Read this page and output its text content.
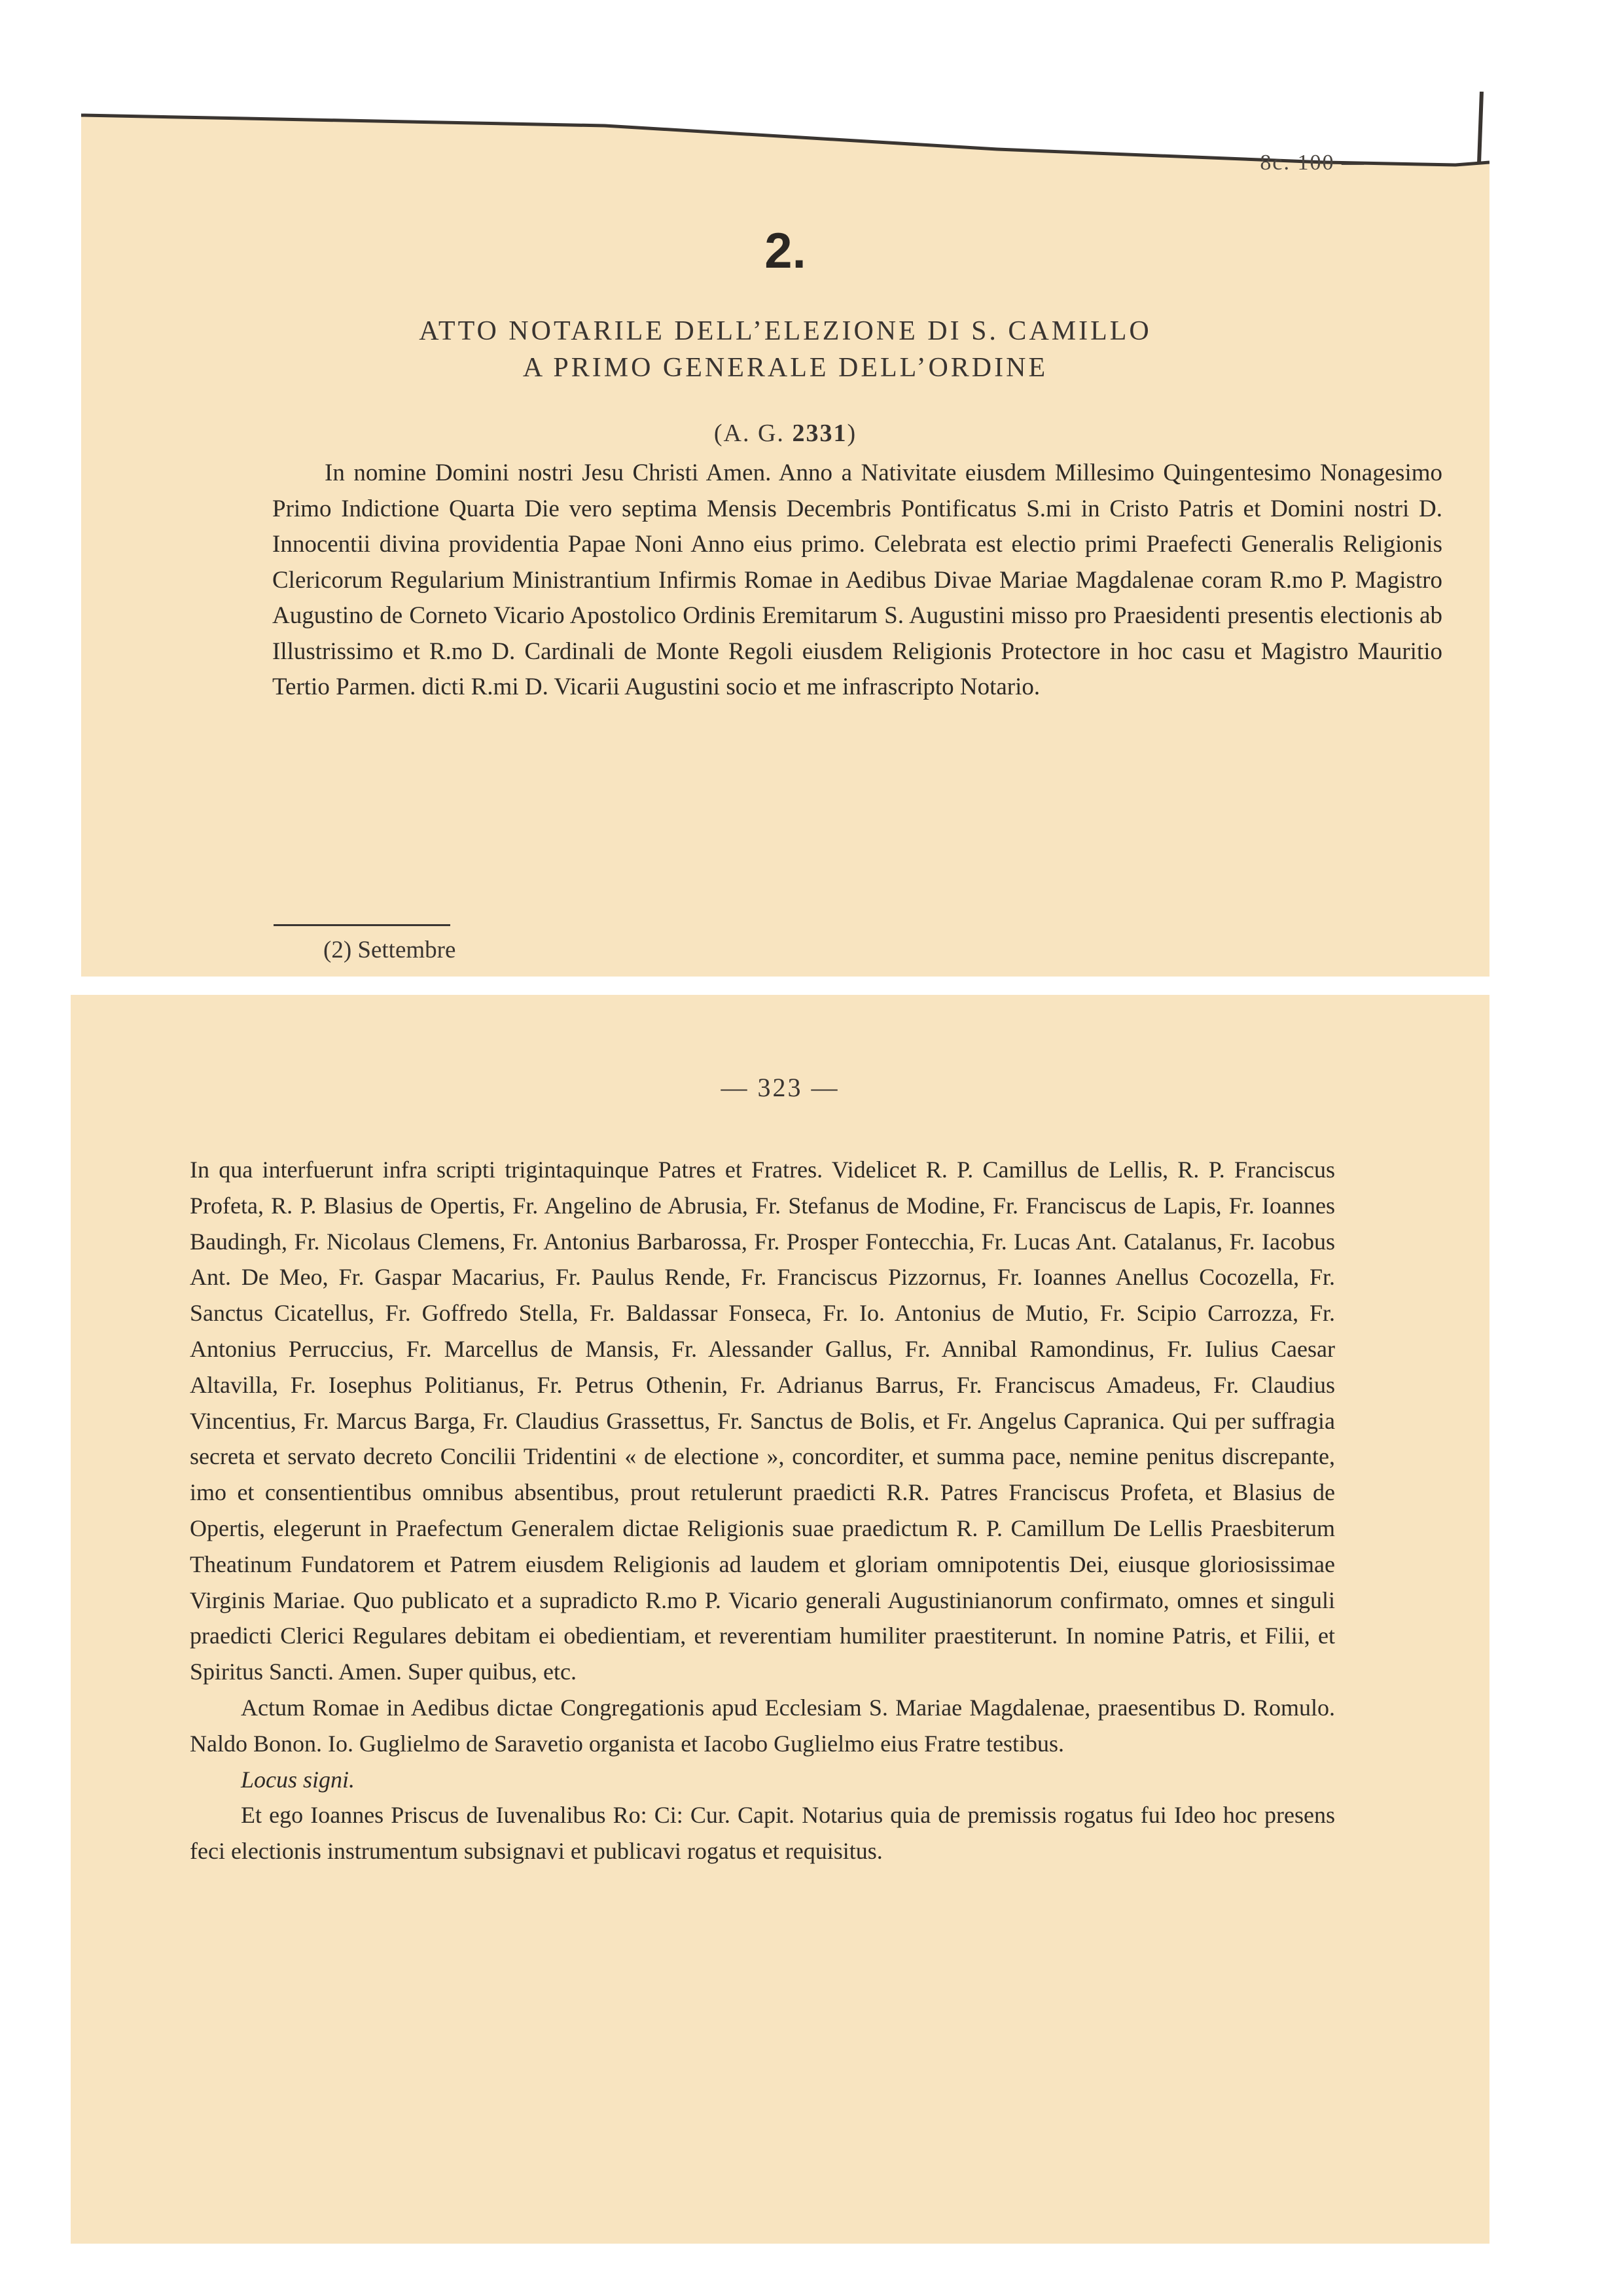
8c. 100 —
2.
ATTO NOTARILE DELL’ELEZIONE DI S. CAMILLO
A PRIMO GENERALE DELL’ORDINE
(A. G. 2331)

In nomine Domini nostri Jesu Christi Amen. Anno a Nativitate eiusdem Millesimo Quingentesimo Nonagesimo Primo Indictione Quarta Die vero septima Mensis Decembris Pontificatus S.mi in Cristo Patris et Domini nostri D. Innocentii divina providentia Papae Noni Anno eius primo. Celebrata est electio primi Praefecti Generalis Religionis Clericorum Regularium Ministrantium Infirmis Romae in Aedibus Divae Mariae Magdalenae coram R.mo P. Magistro Augustino de Corneto Vicario Apostolico Ordinis Eremitarum S. Augustini misso pro Praesidenti presentis electionis ab Illustrissimo et R.mo D. Cardinali de Monte Regoli eiusdem Religionis Protectore in hoc casu et Magistro Mauritio Tertio Parmen. dicti R.mi D. Vicarii Augustini socio et me infrascripto Notario.

(2) Settembre
— 323 —

In qua interfuerunt infra scripti trigintaquinque Patres et Fratres. Videlicet R. P. Camillus de Lellis, R. P. Franciscus Profeta, R. P. Blasius de Opertis, Fr. Angelino de Abrusia, Fr. Stefanus de Modine, Fr. Franciscus de Lapis, Fr. Ioannes Baudingh, Fr. Nicolaus Clemens, Fr. Antonius Barbarossa, Fr. Prosper Fontecchia, Fr. Lucas Ant. Catalanus, Fr. Iacobus Ant. De Meo, Fr. Gaspar Macarius, Fr. Paulus Rende, Fr. Franciscus Pizzornus, Fr. Ioannes Anellus Cocozella, Fr. Sanctus Cicatellus, Fr. Goffredo Stella, Fr. Baldassar Fonseca, Fr. Io. Antonius de Mutio, Fr. Scipio Carrozza, Fr. Antonius Perruccius, Fr. Marcellus de Mansis, Fr. Alessander Gallus, Fr. Annibal Ramondinus, Fr. Iulius Caesar Altavilla, Fr. Iosephus Politianus, Fr. Petrus Othenin, Fr. Adrianus Barrus, Fr. Franciscus Amadeus, Fr. Claudius Vincentius, Fr. Marcus Barga, Fr. Claudius Grassettus, Fr. Sanctus de Bolis, et Fr. Angelus Capranica. Qui per suffragia secreta et servato decreto Concilii Tridentini « de electione », concorditer, et summa pace, nemine penitus discrepante, imo et consentientibus omnibus absentibus, prout retulerunt praedicti R.R. Patres Franciscus Profeta, et Blasius de Opertis, elegerunt in Praefectum Generalem dictae Religionis suae praedictum R. P. Camillum De Lellis Praesbiterum Theatinum Fundatorem et Patrem eiusdem Religionis ad laudem et gloriam omnipotentis Dei, eiusque gloriosissimae Virginis Mariae. Quo publicato et a supradicto R.mo P. Vicario generali Augustinianorum confirmato, omnes et singuli praedicti Clerici Regulares debitam ei obedientiam, et reverentiam humiliter praestiterunt. In nomine Patris, et Filii, et Spiritus Sancti. Amen. Super quibus, etc.

Actum Romae in Aedibus dictae Congregationis apud Ecclesiam S. Mariae Magdalenae, praesentibus D. Romulo. Naldo Bonon. Io. Guglielmo de Saravetio organista et Iacobo Guglielmo eius Fratre testibus.

Locus signi.

Et ego Ioannes Priscus de Iuvenalibus Ro: Ci: Cur. Capit. Notarius quia de premissis rogatus fui Ideo hoc presens feci electionis instrumentum subsignavi et publicavi rogatus et requisitus.
